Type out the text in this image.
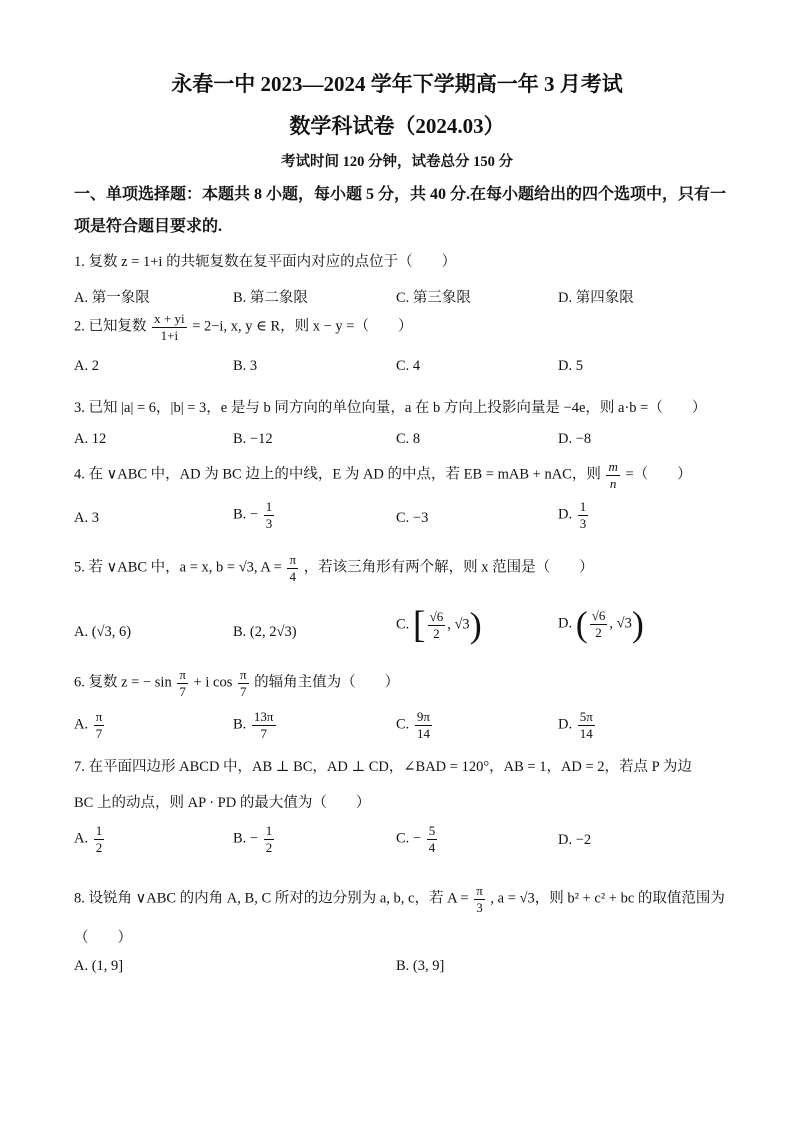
永春一中 2023—2024 学年下学期高一年 3 月考试
数学科试卷（2024.03）
考试时间 120 分钟，试卷总分 150 分
一、单项选择题：本题共 8 小题，每小题 5 分，共 40 分.在每小题给出的四个选项中，只有一
项是符合题目要求的.
1. 复数 z = 1+i 的共轭复数在复平面内对应的点位于（　　）
A. 第一象限	B. 第二象限	C. 第三象限	D. 第四象限
2. 已知复数 $\frac{x + yi}{1+i} = 2-i$, x, y ∈ R，则 x − y =（　　）
A. 2	B. 3	C. 4	D. 5
3. 已知 |a| = 6，|b| = 3，e 是与 b 同方向的单位向量，a 在 b 方向上投影向量是 −4e，则 a·b =（　　）
A. 12	B. −12	C. 8	D. −8
4. 在 ∨ABC 中，AD 为 BC 边上的中线，E 为 AD 的中点，若 EB = mAB + nAC，则 $\frac{m}{n}$ =（　　）
A. 3	B. − $\frac{1}{3}$	C. −3	D. $\frac{1}{3}$
5. 若 ∨ABC 中，a = x, b = √3, $A = \frac{\pi}{4}$ ，若该三角形有两个解，则 x 范围是（　　）
A. (√3, 6)	B. (2, 2√3)	C. [ $\frac{√6}{2}$ , √3)	D. ( $\frac{√6}{2}$ , √3)
6. 复数 z = − $\sin \frac{\pi}{7} + i$ $\cos \frac{\pi}{7}$ 的辐角主值为（　　）
A. $\frac{\pi}{7}$	B. $\frac{13\pi}{7}$	C. $\frac{9\pi}{14}$	D. $\frac{5\pi}{14}$
7. 在平面四边形 ABCD 中，AB ⊥ BC，AD ⊥ CD，∠BAD = 120°，AB = 1，AD = 2，若点 P 为边
BC 上的动点，则 AP · PD 的最大值为（　　）
A. $\frac{1}{2}$	B. − $\frac{1}{2}$	C. − $\frac{5}{4}$	D. −2
8. 设锐角 ∨ABC 的内角 A, B, C 所对的边分别为 a, b, c，若 $A = \frac{\pi}{3}$ , a = √3，则 b² + c² + bc 的取值范围为
（　　）
A. (1, 9]	B. (3, 9]
